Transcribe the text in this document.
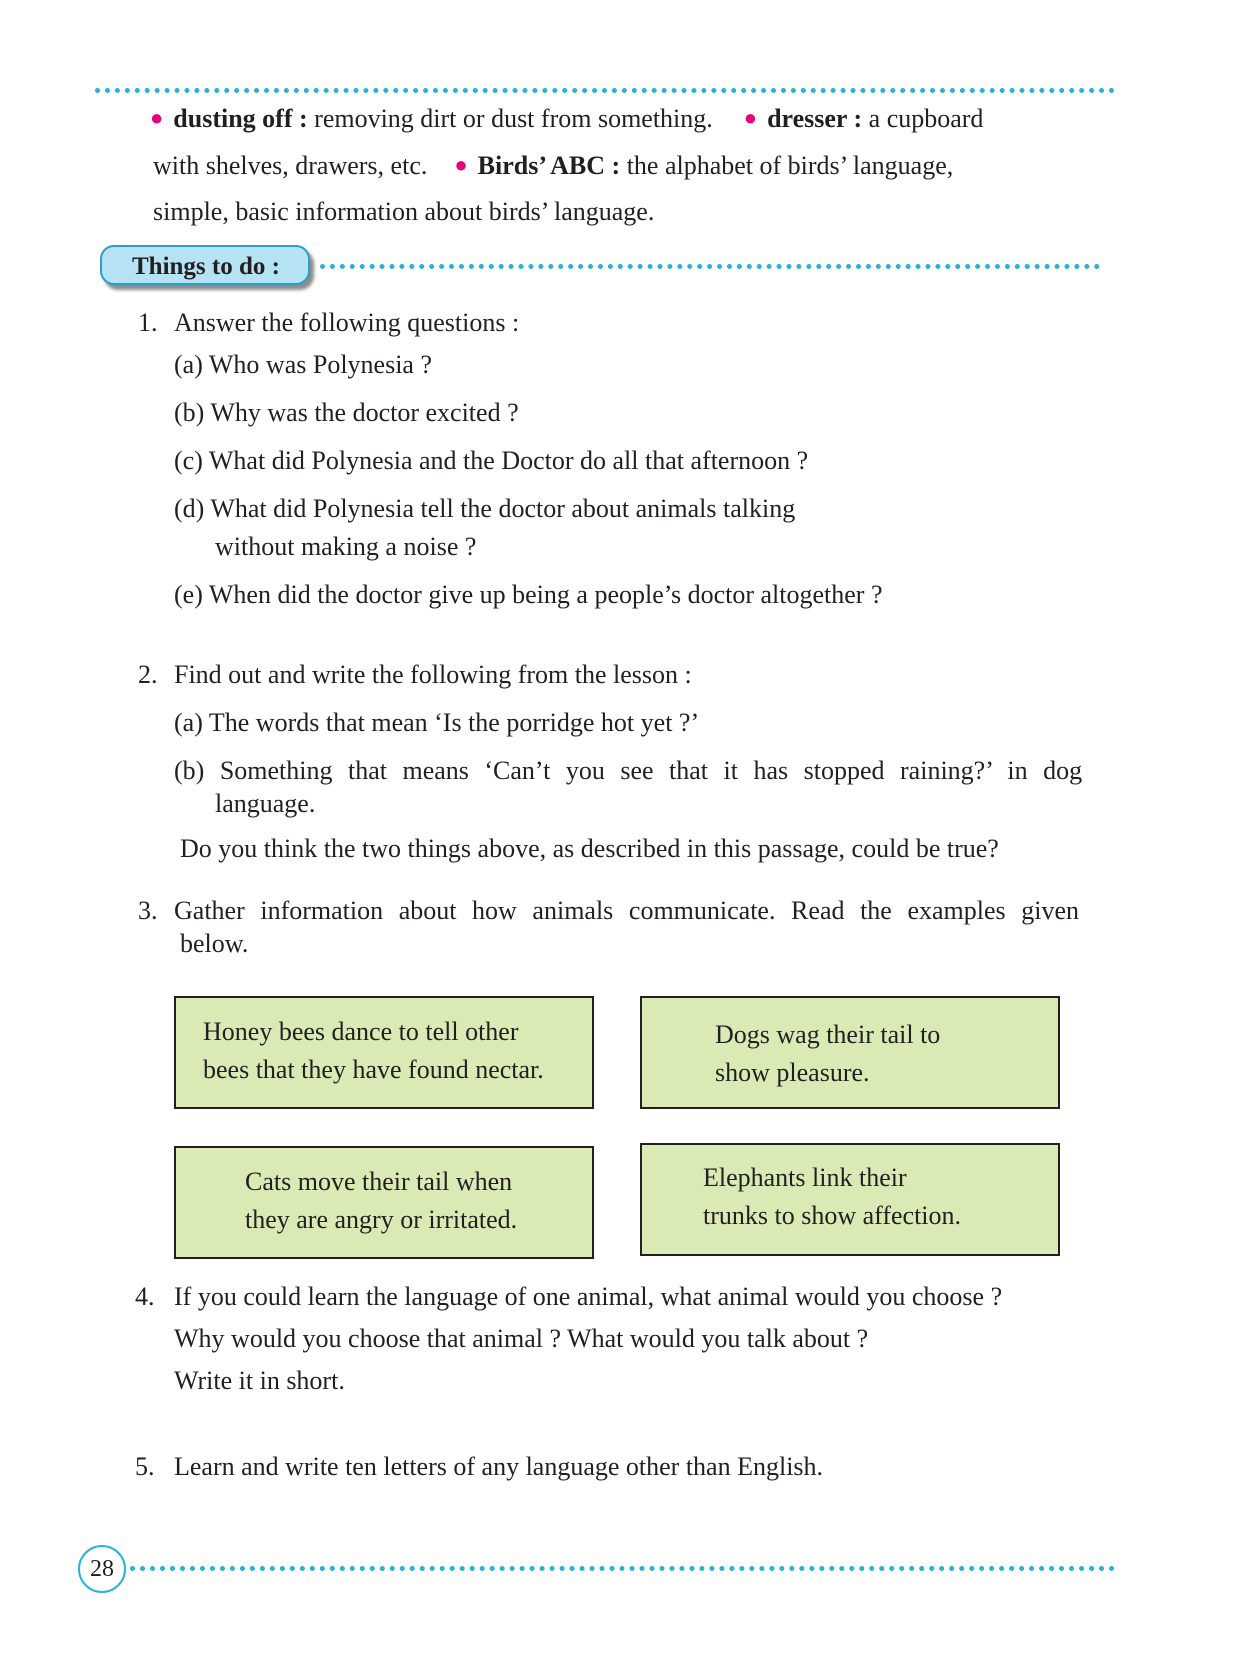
● dusting off : removing dirt or dust from something. ● dresser : a cupboard
with shelves, drawers, etc. ● Birds’ ABC : the alphabet of birds’ language,
simple, basic information about birds’ language.
Things to do :
1. Answer the following questions :
(a) Who was Polynesia ?
(b) Why was the doctor excited ?
(c) What did Polynesia and the Doctor do all that afternoon ?
(d) What did Polynesia tell the doctor about animals talking
without making a noise ?
(e) When did the doctor give up being a people’s doctor altogether ?
2. Find out and write the following from the lesson :
(a) The words that mean ‘Is the porridge hot yet ?’
(b) Something that means ‘Can’t you see that it has stopped raining?’ in dog
language.
Do you think the two things above, as described in this passage, could be true?
3. Gather information about how animals communicate. Read the examples given
below.
Honey bees dance to tell other
bees that they have found nectar.
Dogs wag their tail to
show pleasure.
Cats move their tail when
they are angry or irritated.
Elephants link their
trunks to show affection.
4. If you could learn the language of one animal, what animal would you choose ?
Why would you choose that animal ? What would you talk about ?
Write it in short.
5. Learn and write ten letters of any language other than English.
28
